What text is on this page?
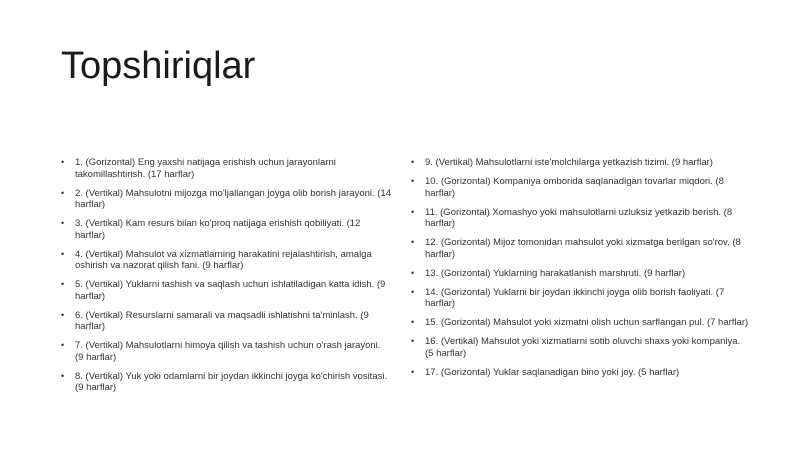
Topshiriqlar
• 1. (Gorizontal) Eng yaxshi natijaga erishish uchun jarayonlarni takomillashtirish. (17 harflar)
• 2. (Vertikal) Mahsulotni mijozga mo'ljallangan joyga olib borish jarayoni. (14 harflar)
• 3. (Vertikal) Kam resurs bilan ko'proq natijaga erishish qobiliyati. (12 harflar)
• 4. (Vertikal) Mahsulot va xizmatlarning harakatini rejalashtirish, amalga oshirish va nazorat qilish fani. (9 harflar)
• 5. (Vertikal) Yuklarni tashish va saqlash uchun ishlatiladigan katta idish. (9 harflar)
• 6. (Vertikal) Resurslarni samarali va maqsadli ishlatishni ta'minlash. (9 harflar)
• 7. (Vertikal) Mahsulotlarni himoya qilish va tashish uchun o'rash jarayoni. (9 harflar)
• 8. (Vertikal) Yuk yoki odamlarni bir joydan ikkinchi joyga ko'chirish vositasi. (9 harflar)
• 9. (Vertikal) Mahsulotlarni iste'molchilarga yetkazish tizimi. (9 harflar)
• 10. (Gorizontal) Kompaniya omborida saqlanadigan tovarlar miqdori. (8 harflar)
• 11. (Gorizontal) Xomashyo yoki mahsulotlarni uzluksiz yetkazib berish. (8 harflar)
• 12. (Gorizontal) Mijoz tomonidan mahsulot yoki xizmatga berilgan so'rov. (8 harflar)
• 13. (Gorizontal) Yuklarning harakatlanish marshruti. (9 harflar)
• 14. (Gorizontal) Yuklarni bir joydan ikkinchi joyga olib borish faoliyati. (7 harflar)
• 15. (Gorizontal) Mahsulot yoki xizmatni olish uchun sarflangan pul. (7 harflar)
• 16. (Vertikal) Mahsulot yoki xizmatlarni sotib oluvchi shaxs yoki kompaniya. (5 harflar)
• 17. (Gorizontal) Yuklar saqlanadigan bino yoki joy. (5 harflar)
